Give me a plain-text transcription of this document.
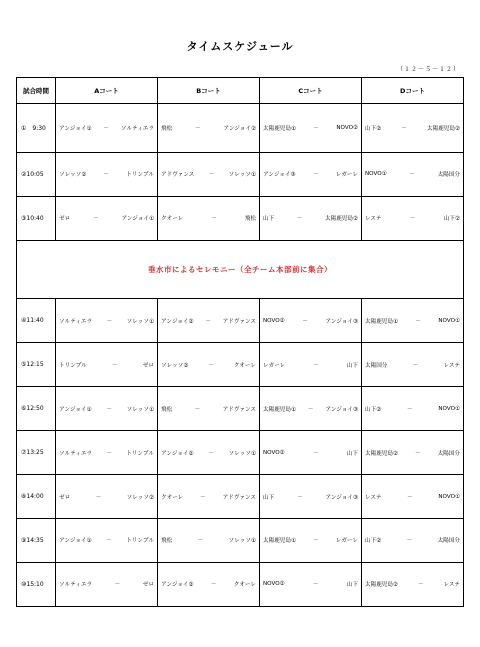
タイムスケジュール
（１２－５－１２）
試合時間	Aコート	Bコート	Cコート	Dコート
①　9:30	アンジョイ① － ソルティエラ	飛松 － アンジョイ②	太陽鹿児島① － NOVO②	山下② － 太陽鹿児島②

②10:05	ソレッソ② － トリンプル	アドヴァンス － ソレッソ①	アンジョイ③ － レガーレ	NOVO① － 太陽国分

③10:40	ゼロ － アンジョイ①	クオーレ － 飛松	山下 － 太陽鹿児島②	レステ － 山下②

垂水市によるセレモニー（全チーム本部前に集合）				
④11:40	ソルティエラ － ソレッソ①	アンジョイ② － アドヴァンス	NOVO② － アンジョイ③	太陽鹿児島① － NOVO①

⑤12:15	トリンプル － ゼロ	ソレッソ② － クオーレ	レガーレ － 山下	太陽国分 － レステ

⑥12:50	アンジョイ① － ソレッソ①	飛松 － アドヴァンス	太陽鹿児島① － アンジョイ③	山下② － NOVO①

⑦13:25	ソルティエラ － トリンプル	アンジョイ② － ソレッソ①	NOVO② － 山下	太陽鹿児島② － 太陽国分

⑧14:00	ゼロ － ソレッソ②	クオーレ － アドヴァンス	山下 － アンジョイ③	レステ － NOVO①

⑨14:35	アンジョイ① － トリンプル	飛松 － ソレッソ①	太陽鹿児島① － レガーレ	山下② － 太陽国分

⑩15:10	ソルティエラ － ゼロ	アンジョイ② － クオーレ	NOVO② － 山下	太陽鹿児島② － レステ
